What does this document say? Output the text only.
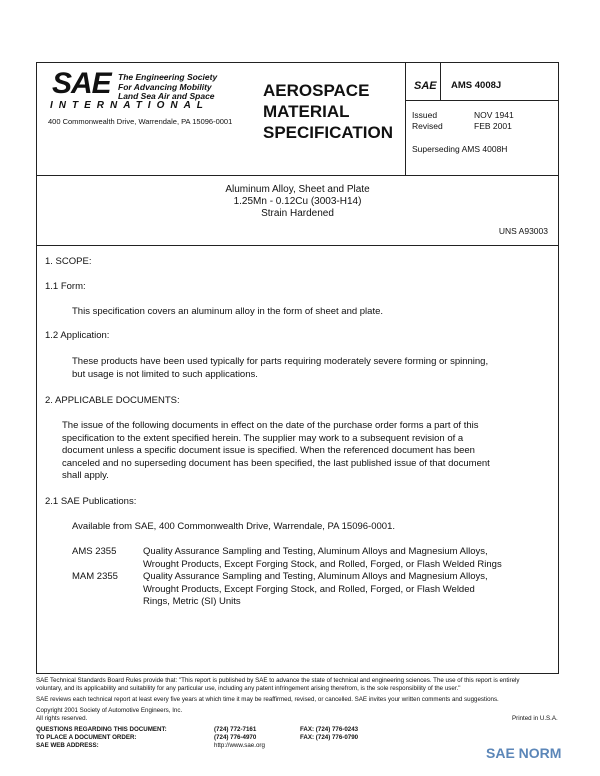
SAE The Engineering Society
For Advancing Mobility
Land Sea Air and Space
INTERNATIONAL
400 Commonwealth Drive, Warrendale, PA 15096-0001
AEROSPACE
MATERIAL
SPECIFICATION
SAE AMS 4008J
Issued	NOV 1941
Revised	FEB 2001
Superseding AMS 4008H
Aluminum Alloy, Sheet and Plate
1.25Mn - 0.12Cu (3003-H14)
Strain Hardened
UNS A93003
1. SCOPE:
1.1 Form:
This specification covers an aluminum alloy in the form of sheet and plate.
1.2 Application:
These products have been used typically for parts requiring moderately severe forming or spinning,
but usage is not limited to such applications.
2. APPLICABLE DOCUMENTS:
The issue of the following documents in effect on the date of the purchase order forms a part of this
specification to the extent specified herein. The supplier may work to a subsequent revision of a
document unless a specific document issue is specified. When the referenced document has been
canceled and no superseding document has been specified, the last published issue of that document
shall apply.
2.1 SAE Publications:
Available from SAE, 400 Commonwealth Drive, Warrendale, PA 15096-0001.
AMS 2355	Quality Assurance Sampling and Testing, Aluminum Alloys and Magnesium Alloys,
Wrought Products, Except Forging Stock, and Rolled, Forged, or Flash Welded Rings
MAM 2355	Quality Assurance Sampling and Testing, Aluminum Alloys and Magnesium Alloys,
Wrought Products, Except Forging Stock, and Rolled, Forged, or Flash Welded
Rings, Metric (SI) Units
SAE Technical Standards Board Rules provide that: "This report is published by SAE to advance the state of technical and engineering sciences. The use of this report is entirely
voluntary, and its applicability and suitability for any particular use, including any patent infringement arising therefrom, is the sole responsibility of the user."
SAE reviews each technical report at least every five years at which time it may be reaffirmed, revised, or cancelled. SAE invites your written comments and suggestions.
Copyright 2001 Society of Automotive Engineers, Inc.
All rights reserved.	Printed in U.S.A.
QUESTIONS REGARDING THIS DOCUMENT:	(724) 772-7161	FAX: (724) 776-0243
TO PLACE A DOCUMENT ORDER:	(724) 776-4970	FAX: (724) 776-0790
SAE WEB ADDRESS:	http://www.sae.org	SAE NORM
